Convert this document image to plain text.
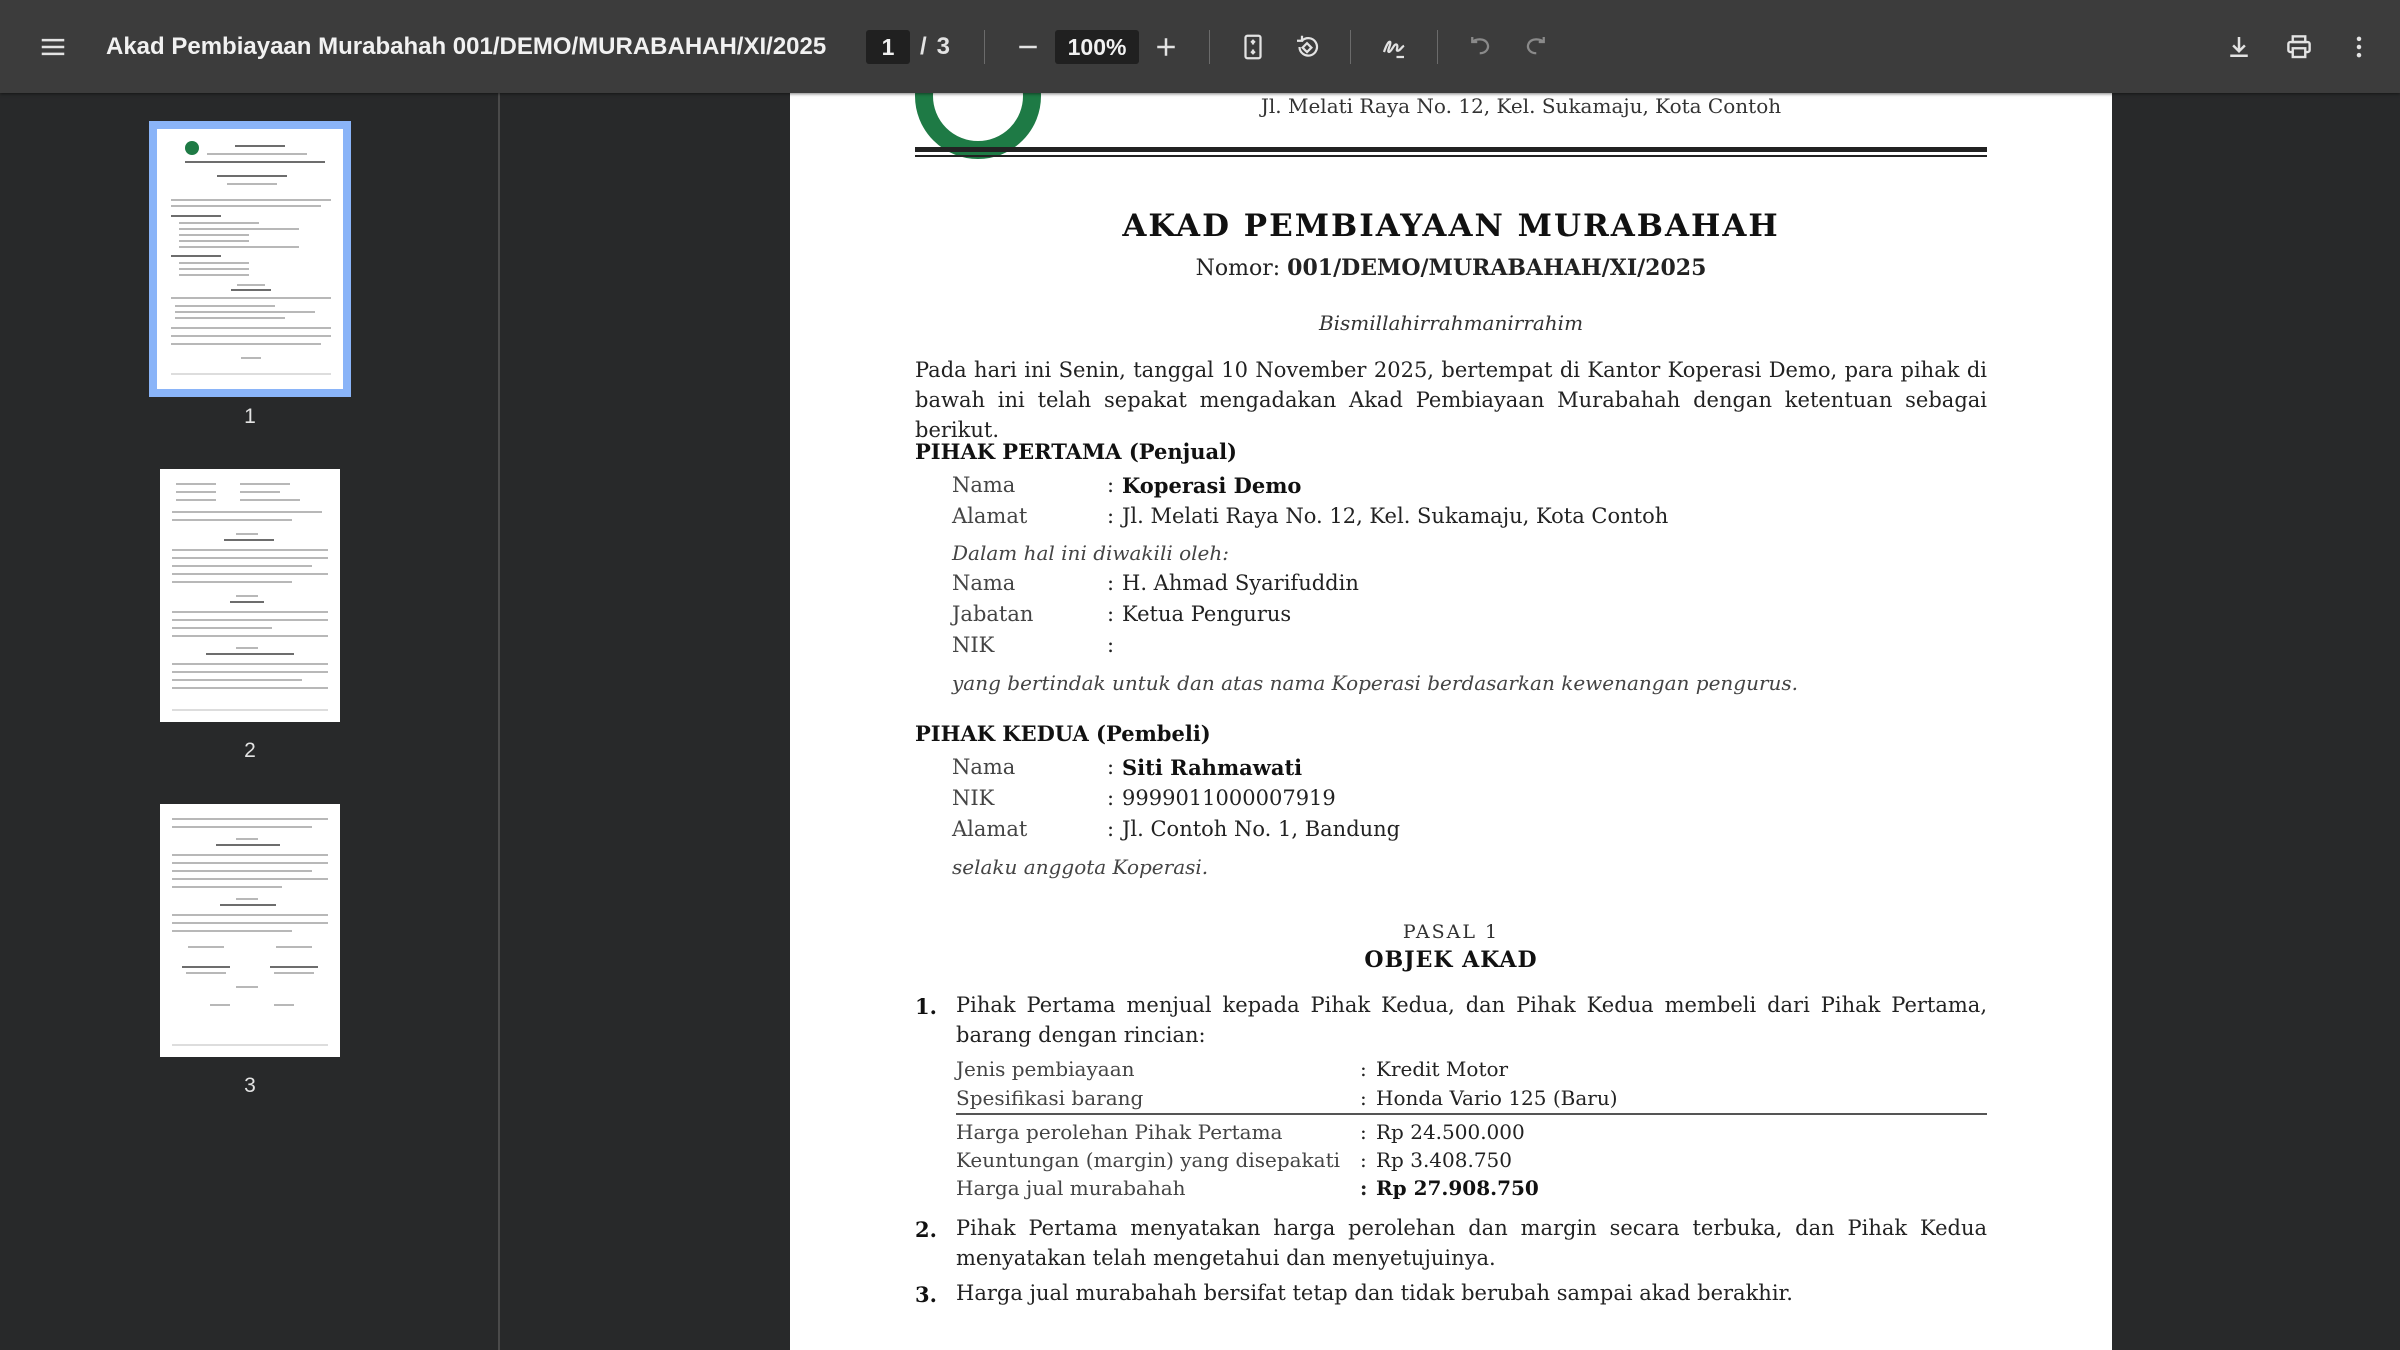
Akad Pembiayaan Murabahah 001/DEMO/MURABAHAH/XI/2025	1	/ 3	100%
1
2
3
Jl. Melati Raya No. 12, Kel. Sukamaju, Kota Contoh
AKAD PEMBIAYAAN MURABAHAH
Nomor: 001/DEMO/MURABAHAH/XI/2025
Bismillahirrahmanirrahim
Pada hari ini Senin, tanggal 10 November 2025, bertempat di Kantor Koperasi Demo, para pihak di bawah ini telah sepakat mengadakan Akad Pembiayaan Murabahah dengan ketentuan sebagai berikut.
PIHAK PERTAMA (Penjual)
Nama	: Koperasi Demo
Alamat	: Jl. Melati Raya No. 12, Kel. Sukamaju, Kota Contoh
Dalam hal ini diwakili oleh:
Nama	: H. Ahmad Syarifuddin
Jabatan	: Ketua Pengurus
NIK	:
yang bertindak untuk dan atas nama Koperasi berdasarkan kewenangan pengurus.
PIHAK KEDUA (Pembeli)
Nama	: Siti Rahmawati
NIK	: 9999011000007919
Alamat	: Jl. Contoh No. 1, Bandung
selaku anggota Koperasi.
PASAL 1
OBJEK AKAD
1. Pihak Pertama menjual kepada Pihak Kedua, dan Pihak Kedua membeli dari Pihak Pertama, barang dengan rincian:
Jenis pembiayaan	: Kredit Motor
Spesifikasi barang	: Honda Vario 125 (Baru)
Harga perolehan Pihak Pertama	: Rp 24.500.000
Keuntungan (margin) yang disepakati : Rp 3.408.750
Harga jual murabahah	: Rp 27.908.750
2. Pihak Pertama menyatakan harga perolehan dan margin secara terbuka, dan Pihak Kedua menyatakan telah mengetahui dan menyetujuinya.
3. Harga jual murabahah bersifat tetap dan tidak berubah sampai akad berakhir.
